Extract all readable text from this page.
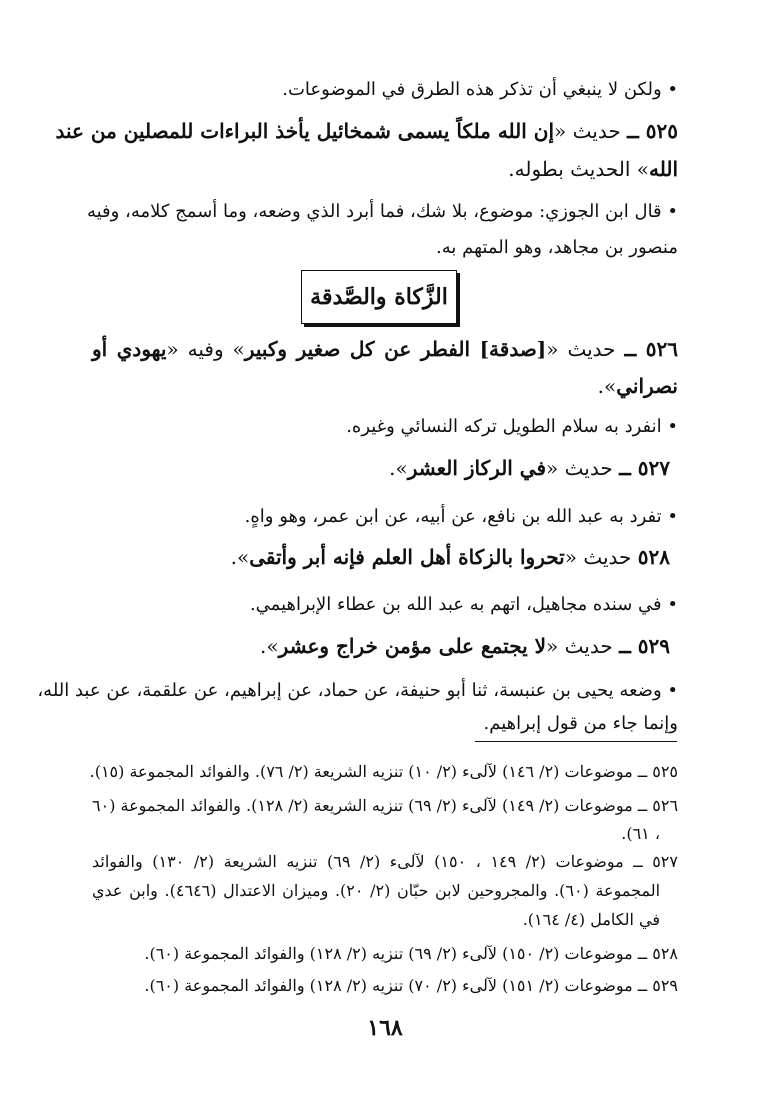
• ولكن لا ينبغي أن تذكر هذه الطرق في الموضوعات.
٥٢٥ ــ حديث «إن الله ملكاً يسمى شمخائيل يأخذ البراءات للمصلين من عند
الله» الحديث بطوله.
• قال ابن الجوزي: موضوع، بلا شك، فما أبرد الذي وضعه، وما أسمج كلامه، وفيه
منصور بن مجاهد، وهو المتهم به.
الزَّكاة والصَّدقة
٥٢٦ ــ حديث «[صدقة] الفطر عن كل صغير وكبير» وفيه «يهودي أو
نصراني».
• انفرد به سلام الطويل تركه النسائي وغيره.
٥٢٧ ــ حديث «في الركاز العشر».
• تفرد به عبد الله بن نافع، عن أبيه، عن ابن عمر، وهو واهٍ.
٥٢٨ حديث «تحروا بالزكاة أهل العلم فإنه أبر وأتقى».
• في سنده مجاهيل، اتهم به عبد الله بن عطاء الإبراهيمي.
٥٢٩ ــ حديث «لا يجتمع على مؤمن خراج وعشر».
• وضعه يحيى بن عنبسة، ثنا أبو حنيفة، عن حماد، عن إبراهيم، عن علقمة، عن عبد الله،
وإنما جاء من قول إبراهيم.
٥٢٥ ــ موضوعات (٢/ ١٤٦) لآلىء (٢/ ١٠) تنزيه الشريعة (٢/ ٧٦). والفوائد المجموعة (١٥).
٥٢٦ ــ موضوعات (٢/ ١٤٩) لآلىء (٢/ ٦٩) تنزيه الشريعة (٢/ ١٢٨). والفوائد المجموعة (٦٠
، ٦١).
٥٢٧ ــ موضوعات (٢/ ١٤٩ ، ١٥٠) لآلىء (٢/ ٦٩) تنزيه الشريعة (٢/ ١٣٠) والفوائد
المجموعة (٦٠). والمجروحين لابن حبّان (٢/ ٢٠). وميزان الاعتدال (٤٦٤٦). وابن عدي
في الكامل (٤/ ١٦٤).
٥٢٨ ــ موضوعات (٢/ ١٥٠) لآلىء (٢/ ٦٩) تنزيه (٢/ ١٢٨) والفوائد المجموعة (٦٠).
٥٢٩ ــ موضوعات (٢/ ١٥١) لآلىء (٢/ ٧٠) تنزيه (٢/ ١٢٨) والفوائد المجموعة (٦٠).
١٦٨
